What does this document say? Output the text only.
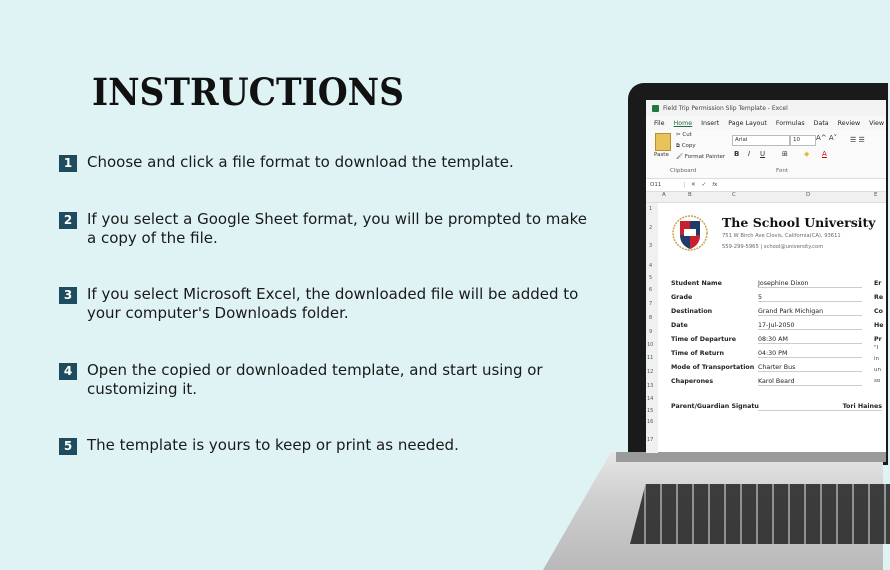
INSTRUCTIONS
1 Choose and click a file format to download the template.
2 If you select a Google Sheet format, you will be prompted to make a copy of the file.
3 If you select Microsoft Excel, the downloaded file will be added to your computer's Downloads folder.
4 Open the copied or downloaded template, and start using or customizing it.
5 The template is yours to keep or print as needed.
Field Trip Permission Slip Template - Excel
File Home Insert Page Layout Formulas Data Review View
Paste
✂ Cut
⧉ Copy
🖌 Format Painter
Clipboard
Arial	10	A^ A˅
B I U ⊞ ◈ A
Font
☰ ☰
O11	✕ ✓ fx
A	B	C	D	E
1
2
3
4
5
6
7
8
9
10
11
12
13
14
15
16
17
The School University
751 W Birch Ave Clovis, California(CA), 93611
559-299-5965 | school@university.com
Student Name	Josephine Dixon
Grade	5
Destination	Grand Park Michigan
Date	17-Jul-2050
Time of Departure	08:30 AM
Time of Return	04:30 PM
Mode of Transportation Charter Bus
Chaperones	Karol Beard
Parent/Guardian Signatu	Tori Haines
Er
Re
Co
He
Pr
"I
in
un
so
